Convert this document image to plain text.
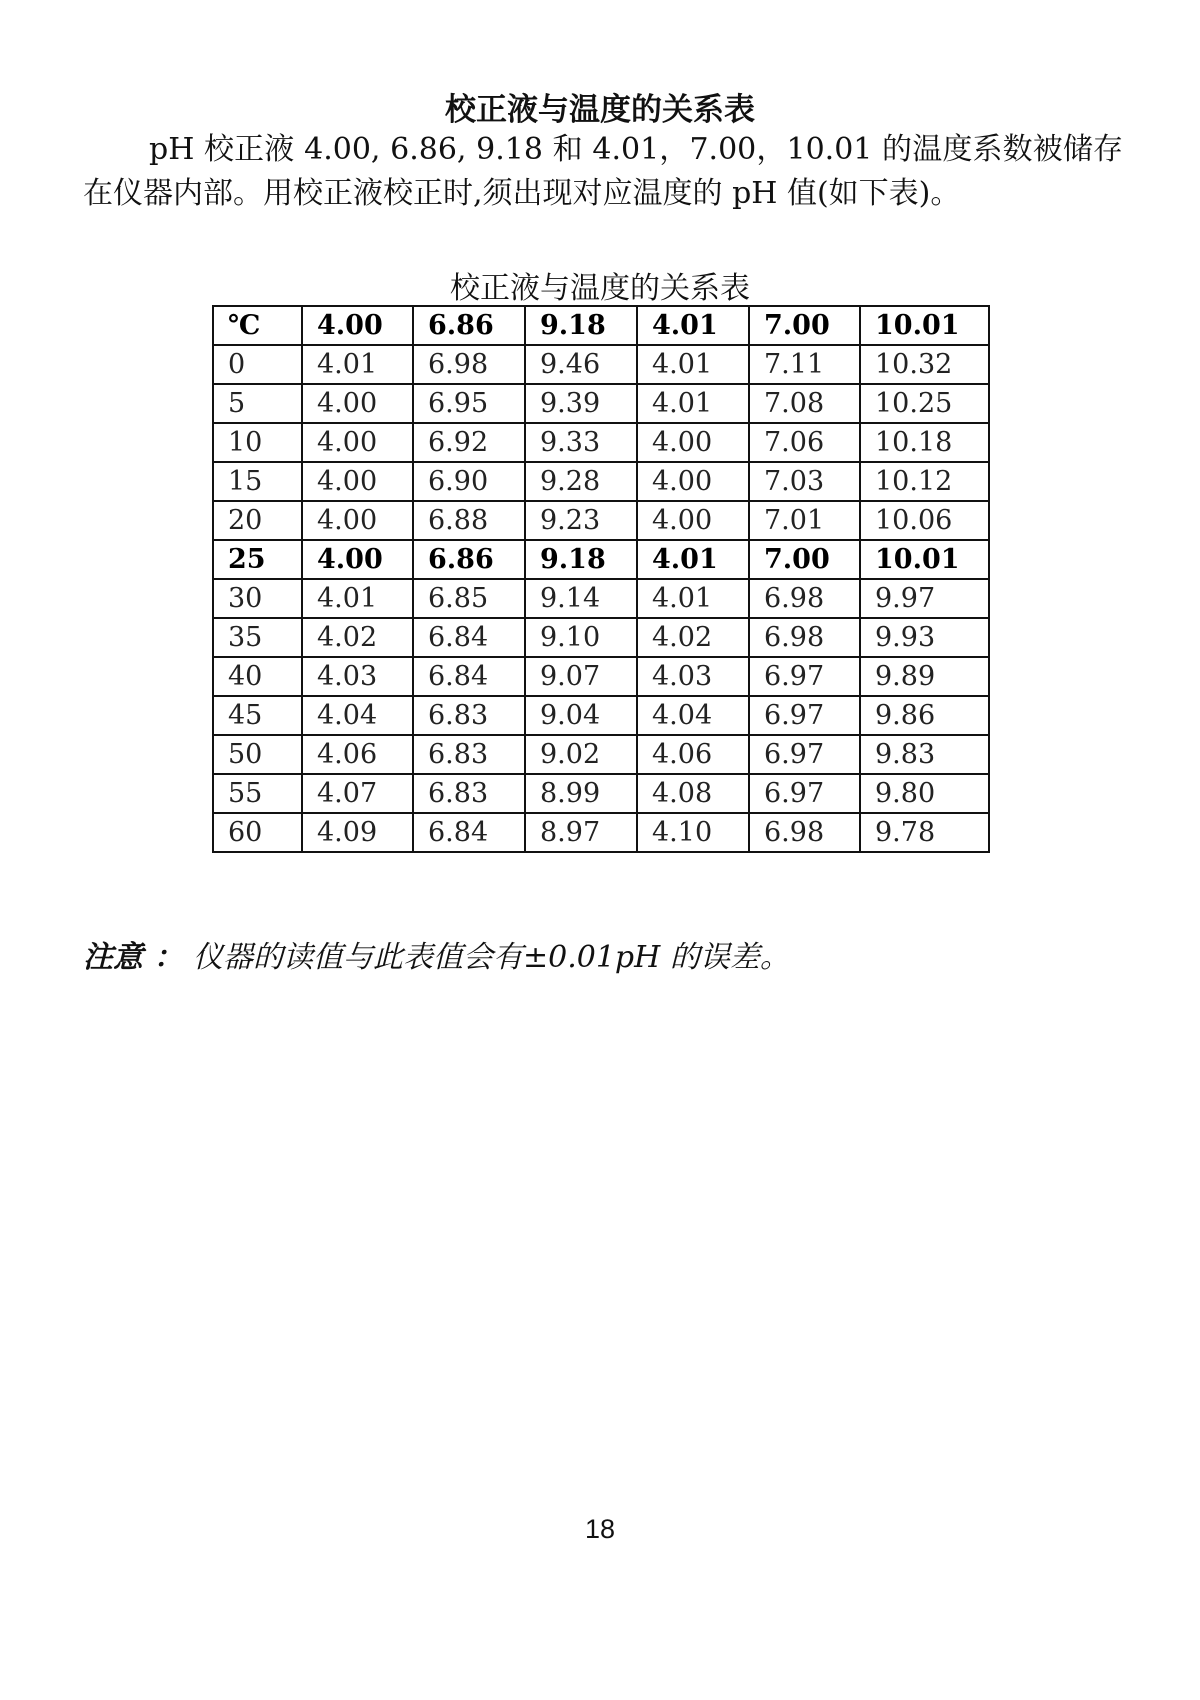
校正液与温度的关系表
pH 校正液 4.00, 6.86, 9.18 和 4.01，7.00，10.01 的温度系数被储存在仪器内部。用校正液校正时,须出现对应温度的 pH 值(如下表)。
校正液与温度的关系表
℃	4.00	6.86	9.18	4.01	7.00	10.01
0	4.01	6.98	9.46	4.01	7.11	10.32
5	4.00	6.95	9.39	4.01	7.08	10.25
10	4.00	6.92	9.33	4.00	7.06	10.18
15	4.00	6.90	9.28	4.00	7.03	10.12
20	4.00	6.88	9.23	4.00	7.01	10.06
25	4.00	6.86	9.18	4.01	7.00	10.01
30	4.01	6.85	9.14	4.01	6.98	9.97
35	4.02	6.84	9.10	4.02	6.98	9.93
40	4.03	6.84	9.07	4.03	6.97	9.89
45	4.04	6.83	9.04	4.04	6.97	9.86
50	4.06	6.83	9.02	4.06	6.97	9.83
55	4.07	6.83	8.99	4.08	6.97	9.80
60	4.09	6.84	8.97	4.10	6.98	9.78
注意 ： 仪器的读值与此表值会有±0.01pH 的误差。
18
